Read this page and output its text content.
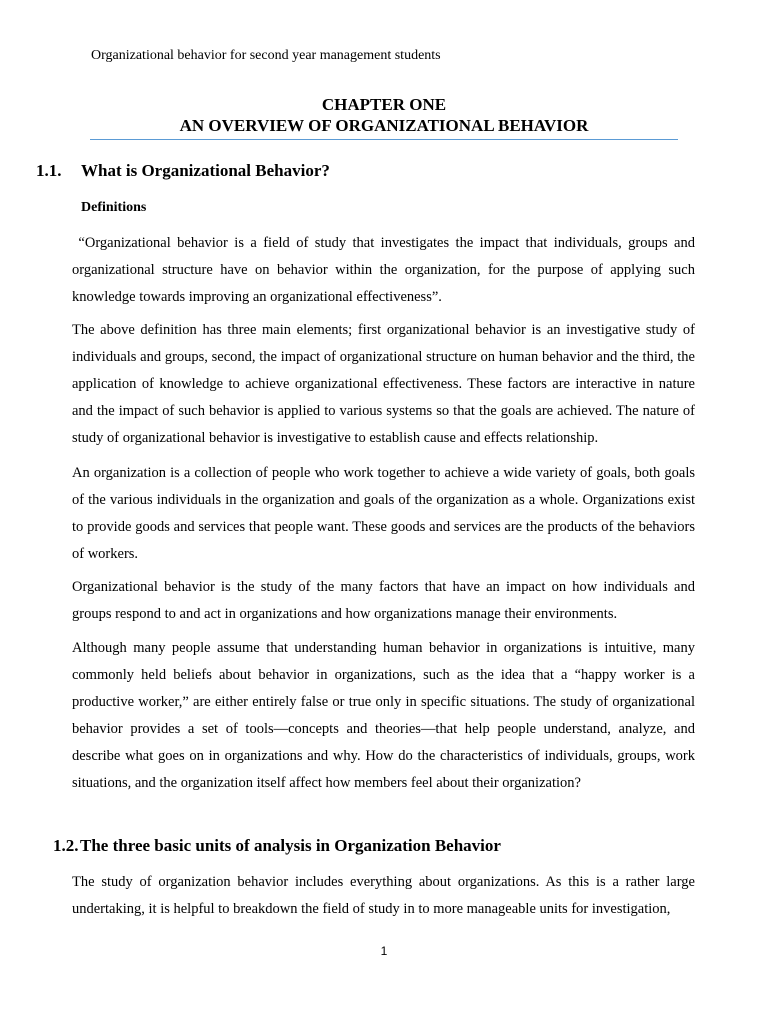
Organizational behavior for second year management students
CHAPTER ONE
AN OVERVIEW OF ORGANIZATIONAL BEHAVIOR
1.1. What is Organizational Behavior?
Definitions

“Organizational behavior is a field of study that investigates the impact that individuals, groups and organizational structure have on behavior within the organization, for the purpose of applying such knowledge towards improving an organizational effectiveness”.

The above definition has three main elements; first organizational behavior is an investigative study of individuals and groups, second, the impact of organizational structure on human behavior and the third, the application of knowledge to achieve organizational effectiveness. These factors are interactive in nature and the impact of such behavior is applied to various systems so that the goals are achieved. The nature of study of organizational behavior is investigative to establish cause and effects relationship.

An organization is a collection of people who work together to achieve a wide variety of goals, both goals of the various individuals in the organization and goals of the organization as a whole. Organizations exist to provide goods and services that people want. These goods and services are the products of the behaviors of workers.

Organizational behavior is the study of the many factors that have an impact on how individuals and groups respond to and act in organizations and how organizations manage their environments.

Although many people assume that understanding human behavior in organizations is intuitive, many commonly held beliefs about behavior in organizations, such as the idea that a “happy worker is a productive worker,” are either entirely false or true only in specific situations. The study of organizational behavior provides a set of tools—concepts and theories—that help people understand, analyze, and describe what goes on in organizations and why. How do the characteristics of individuals, groups, work situations, and the organization itself affect how members feel about their organization?

1.2.The three basic units of analysis in Organization Behavior

The study of organization behavior includes everything about organizations. As this is a rather large undertaking, it is helpful to breakdown the field of study in to more manageable units for investigation,

1
